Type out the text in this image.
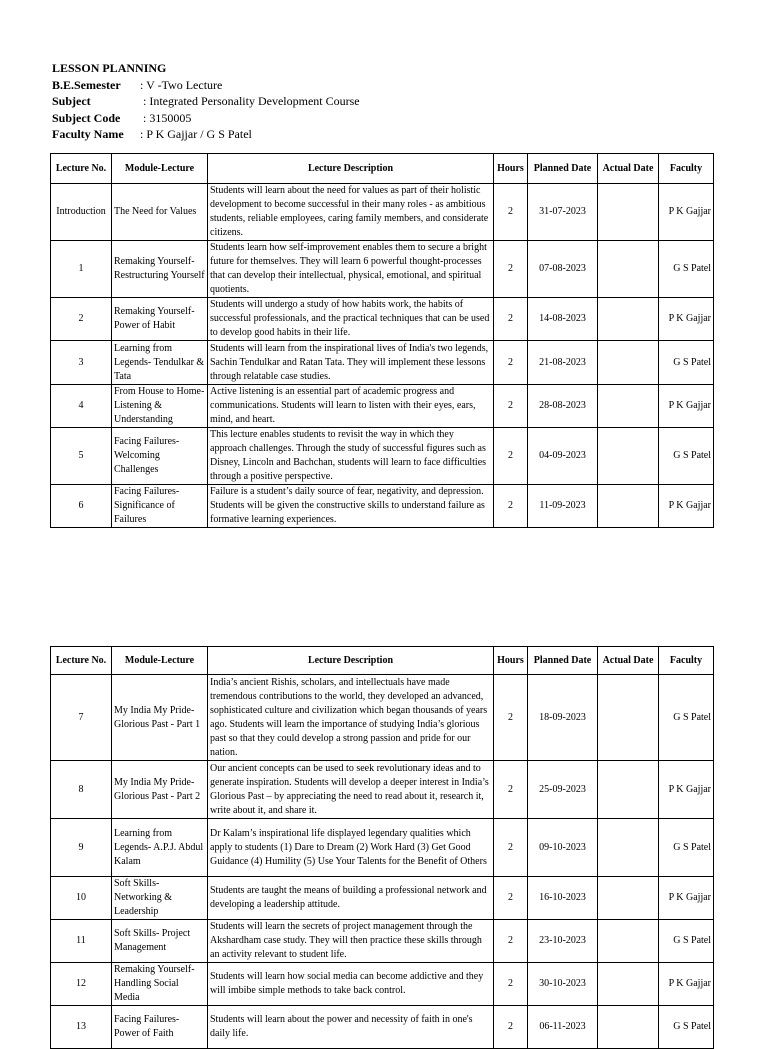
LESSON PLANNING
B.E.Semester : V -Two Lecture
Subject	: Integrated Personality Development Course
Subject Code : 3150005
Faculty Name : P K Gajjar / G S Patel
Lecture No.	Module-Lecture	Lecture Description	Hours	Planned Date	Actual Date	Faculty
Introduction	The Need for Values	Students will learn about the need for values as part of their holistic development to become successful in their many roles - as ambitious students, reliable employees, caring family members, and considerate citizens.	2	31-07-2023		P K Gajjar
1	Remaking Yourself- Restructuring Yourself	Students learn how self-improvement enables them to secure a bright future for themselves. They will learn 6 powerful thought-processes that can develop their intellectual, physical, emotional, and spiritual quotients.	2	07-08-2023		G S Patel
2	Remaking Yourself- Power of Habit	Students will undergo a study of how habits work, the habits of successful professionals, and the practical techniques that can be used to develop good habits in their life.	2	14-08-2023		P K Gajjar
3	Learning from Legends- Tendulkar & Tata	Students will learn from the inspirational lives of India's two legends, Sachin Tendulkar and Ratan Tata. They will implement these lessons through relatable case studies.	2	21-08-2023		G S Patel
4	From House to Home- Listening & Understanding	Active listening is an essential part of academic progress and communications. Students will learn to listen with their eyes, ears, mind, and heart.	2	28-08-2023		P K Gajjar
5	Facing Failures- Welcoming Challenges	This lecture enables students to revisit the way in which they approach challenges. Through the study of successful figures such as Disney, Lincoln and Bachchan, students will learn to face difficulties through a positive perspective.	2	04-09-2023		G S Patel
6	Facing Failures- Significance of Failures	Failure is a student’s daily source of fear, negativity, and depression. Students will be given the constructive skills to understand failure as formative learning experiences.	2	11-09-2023		P K Gajjar
Lecture No.	Module-Lecture	Lecture Description	Hours	Planned Date	Actual Date	Faculty
7	My India My Pride- Glorious Past - Part 1	India’s ancient Rishis, scholars, and intellectuals have made tremendous contributions to the world, they developed an advanced, sophisticated culture and civilization which began thousands of years ago. Students will learn the importance of studying India’s glorious past so that they could develop a strong passion and pride for our nation.	2	18-09-2023		G S Patel
8	My India My Pride- Glorious Past - Part 2	Our ancient concepts can be used to seek revolutionary ideas and to generate inspiration. Students will develop a deeper interest in India’s Glorious Past – by appreciating the need to read about it, research it, write about it, and share it.	2	25-09-2023		P K Gajjar
9	Learning from Legends- A.P.J. Abdul Kalam	Dr Kalam’s inspirational life displayed legendary qualities which apply to students (1) Dare to Dream (2) Work Hard (3) Get Good Guidance (4) Humility (5) Use Your Talents for the Benefit of Others	2	09-10-2023		G S Patel
10	Soft Skills- Networking & Leadership	Students are taught the means of building a professional network and developing a leadership attitude.	2	16-10-2023		P K Gajjar
11	Soft Skills- Project Management	Students will learn the secrets of project management through the Akshardham case study. They will then practice these skills through an activity relevant to student life.	2	23-10-2023		G S Patel
12	Remaking Yourself- Handling Social Media	Students will learn how social media can become addictive and they will imbibe simple methods to take back control.	2	30-10-2023		P K Gajjar
13	Facing Failures- Power of Faith	Students will learn about the power and necessity of faith in one's daily life.	2	06-11-2023		G S Patel
